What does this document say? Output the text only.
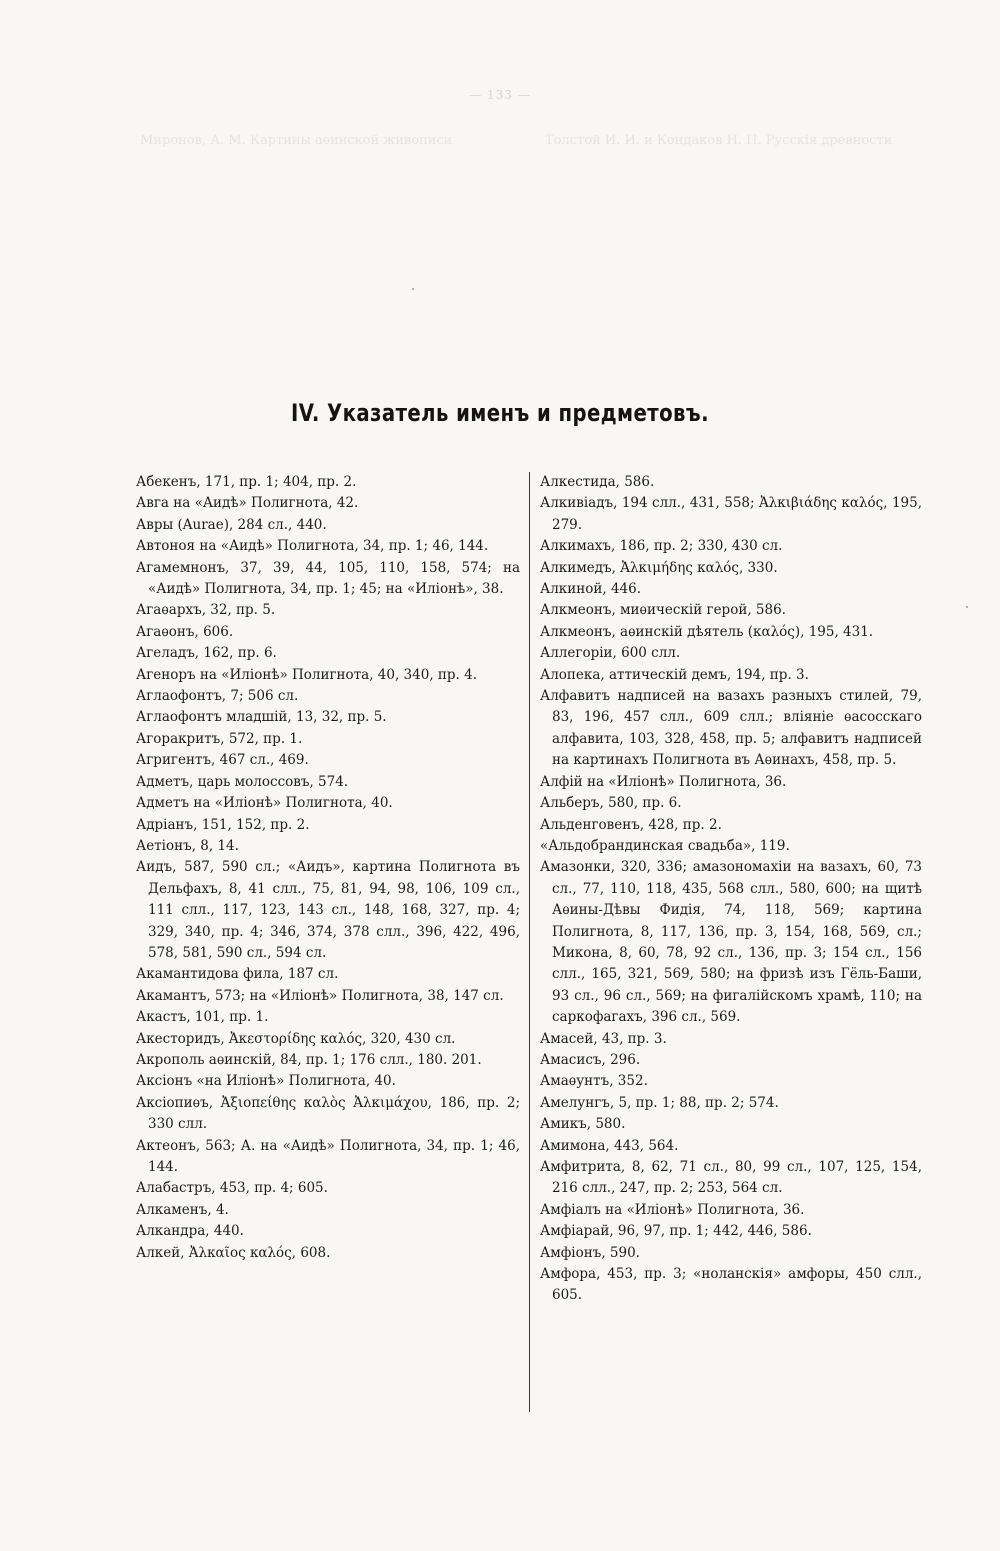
— 133 —
Миронов, А. М. Картины аѳинской живописи	Толстой И. И. и Кондаков Н. П. Русскія древности
IV. Указатель именъ и предметовъ.

Абекенъ, 171, пр. 1; 404, пр. 2.

Авга на «Аидѣ» Полигнота, 42.

Авры (Aurae), 284 сл., 440.

Автоноя на «Аидѣ» Полигнота, 34, пр. 1; 46, 144.

Агамемнонъ, 37, 39, 44, 105, 110, 158, 574; на «Аидѣ» Полигнота, 34, пр. 1; 45; на «Иліонѣ», 38.

Агаѳархъ, 32, пр. 5.

Агаѳонъ, 606.

Агеладъ, 162, пр. 6.

Агеноръ на «Иліонѣ» Полигнота, 40, 340, пр. 4.

Аглаофонтъ, 7; 506 сл.

Аглаофонтъ младшій, 13, 32, пр. 5.

Агоракритъ, 572, пр. 1.

Агригентъ, 467 сл., 469.

Адметъ, царь молоссовъ, 574.

Адметъ на «Иліонѣ» Полигнота, 40.

Адріанъ, 151, 152, пр. 2.

Аетіонъ, 8, 14.

Аидъ, 587, 590 сл.; «Аидъ», картина Полигнота въ Дельфахъ, 8, 41 слл., 75, 81, 94, 98, 106, 109 сл., 111 слл., 117, 123, 143 сл., 148, 168, 327, пр. 4; 329, 340, пр. 4; 346, 374, 378 слл., 396, 422, 496, 578, 581, 590 сл., 594 сл.

Акамантидова фила, 187 сл.

Акамантъ, 573; на «Иліонѣ» Полигнота, 38, 147 сл.

Акастъ, 101, пр. 1.

Акесторидъ, Ἀκεστορίδης καλός, 320, 430 сл.

Акрополь аѳинскій, 84, пр. 1; 176 слл., 180. 201.

Аксіонъ «на Иліонѣ» Полигнота, 40.

Аксіопиѳъ, Ἀξιοπείθης καλὸς Ἀλκιμάχου, 186, пр. 2; 330 слл.

Актеонъ, 563; А. на «Аидѣ» Полигнота, 34, пр. 1; 46, 144.

Алабастръ, 453, пр. 4; 605.

Алкаменъ, 4.

Алкандра, 440.

Алкей, Ἀλκαῖος καλός, 608.

Алкестида, 586.

Алкивіадъ, 194 слл., 431, 558; Ἀλκιβιάδης καλός, 195, 279.

Алкимахъ, 186, пр. 2; 330, 430 сл.

Алкимедъ, Ἀλκιμήδης καλός, 330.

Алкиной, 446.

Алкмеонъ, миѳическій герой, 586.

Алкмеонъ, аѳинскій дѣятель (καλός), 195, 431.

Аллегоріи, 600 слл.

Алопека, аттическій демъ, 194, пр. 3.

Алфавитъ надписей на вазахъ разныхъ стилей, 79, 83, 196, 457 слл., 609 слл.; вліяніе ѳасосскаго алфавита, 103, 328, 458, пр. 5; алфавитъ надписей на картинахъ Полигнота въ Аѳинахъ, 458, пр. 5.

Алфій на «Иліонѣ» Полигнота, 36.

Альберъ, 580, пр. 6.

Альденговенъ, 428, пр. 2.

«Альдобрандинская свадьба», 119.

Амазонки, 320, 336; амазономахіи на вазахъ, 60, 73 сл., 77, 110, 118, 435, 568 слл., 580, 600; на щитѣ Аѳины-Дѣвы Фидія, 74, 118, 569; картина Полигнота, 8, 117, 136, пр. 3, 154, 168, 569, сл.; Микона, 8, 60, 78, 92 сл., 136, пр. 3; 154 сл., 156 слл., 165, 321, 569, 580; на фризѣ изъ Гёль-Баши, 93 сл., 96 сл., 569; на фигалійскомъ храмѣ, 110; на саркофагахъ, 396 сл., 569.

Амасей, 43, пр. 3.

Амасисъ, 296.

Амаѳунтъ, 352.

Амелунгъ, 5, пр. 1; 88, пр. 2; 574.

Амикъ, 580.

Амимона, 443, 564.

Амфитрита, 8, 62, 71 сл., 80, 99 сл., 107, 125, 154, 216 слл., 247, пр. 2; 253, 564 сл.

Амфіалъ на «Иліонѣ» Полигнота, 36.

Амфіарай, 96, 97, пр. 1; 442, 446, 586.

Амфіонъ, 590.

Амфора, 453, пр. 3; «ноланскія» амфоры, 450 слл., 605.
